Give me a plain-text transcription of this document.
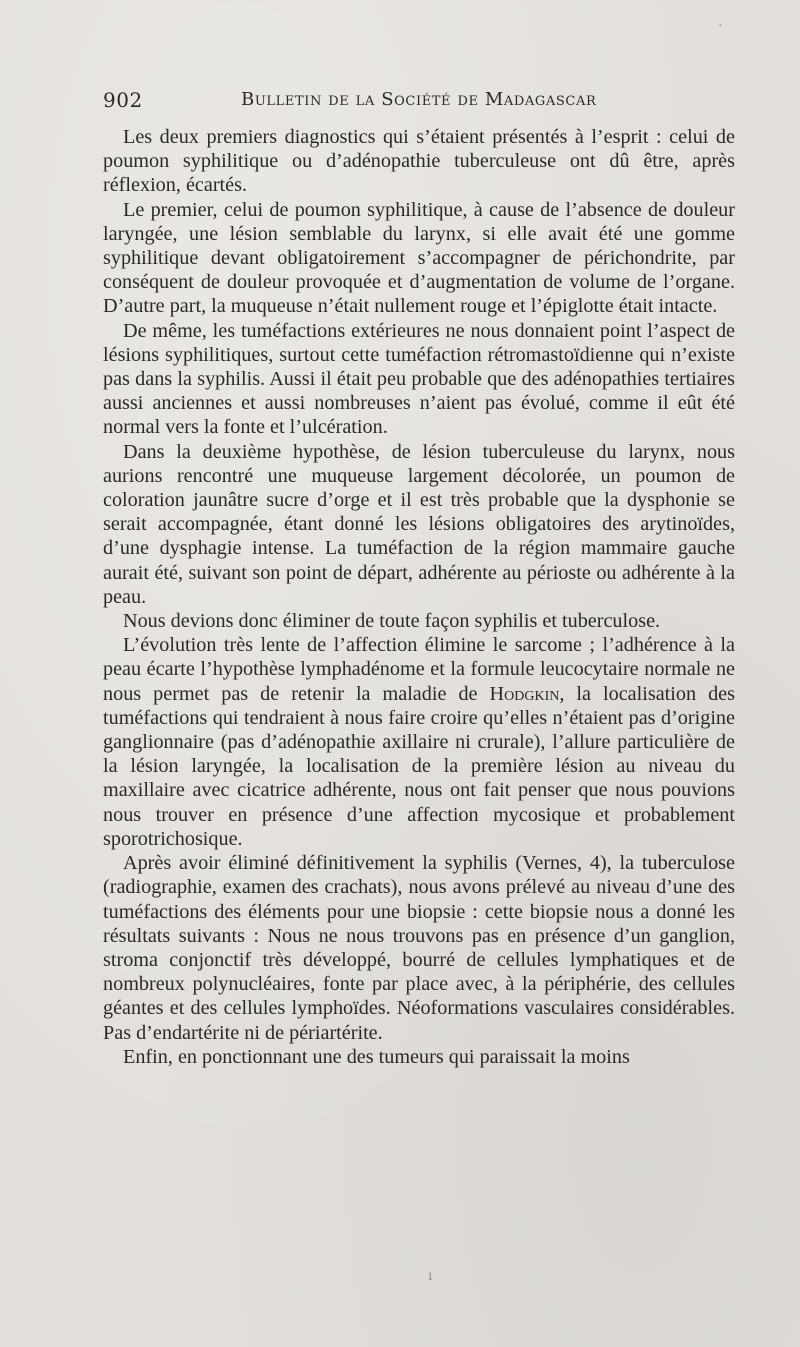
902	Bulletin de la Société de Madagascar

Les deux premiers diagnostics qui s’étaient présentés à l’esprit : celui de poumon syphilitique ou d’adénopathie tuberculeuse ont dû être, après réflexion, écartés.

Le premier, celui de poumon syphilitique, à cause de l’absence de douleur laryngée, une lésion semblable du larynx, si elle avait été une gomme syphilitique devant obligatoirement s’accompagner de périchondrite, par conséquent de douleur provoquée et d’augmentation de volume de l’organe. D’autre part, la muqueuse n’était nullement rouge et l’épiglotte était intacte.

De même, les tuméfactions extérieures ne nous donnaient point l’aspect de lésions syphilitiques, surtout cette tuméfaction rétromastoïdienne qui n’existe pas dans la syphilis. Aussi il était peu probable que des adénopathies tertiaires aussi anciennes et aussi nombreuses n’aient pas évolué, comme il eût été normal vers la fonte et l’ulcération.

Dans la deuxième hypothèse, de lésion tuberculeuse du larynx, nous aurions rencontré une muqueuse largement décolorée, un poumon de coloration jaunâtre sucre d’orge et il est très probable que la dysphonie se serait accompagnée, étant donné les lésions obligatoires des arytinoïdes, d’une dysphagie intense. La tuméfaction de la région mammaire gauche aurait été, suivant son point de départ, adhérente au périoste ou adhérente à la peau.

Nous devions donc éliminer de toute façon syphilis et tuberculose.

L’évolution très lente de l’affection élimine le sarcome ; l’adhérence à la peau écarte l’hypothèse lymphadénome et la formule leucocytaire normale ne nous permet pas de retenir la maladie de Hodgkin, la localisation des tuméfactions qui tendraient à nous faire croire qu’elles n’étaient pas d’origine ganglionnaire (pas d’adénopathie axillaire ni crurale), l’allure particulière de la lésion laryngée, la localisation de la première lésion au niveau du maxillaire avec cicatrice adhérente, nous ont fait penser que nous pouvions nous trouver en présence d’une affection mycosique et probablement sporotrichosique.

Après avoir éliminé définitivement la syphilis (Vernes, 4), la tuberculose (radiographie, examen des crachats), nous avons prélevé au niveau d’une des tuméfactions des éléments pour une biopsie : cette biopsie nous a donné les résultats suivants : Nous ne nous trouvons pas en présence d’un ganglion, stroma conjonctif très développé, bourré de cellules lymphatiques et de nombreux polynucléaires, fonte par place avec, à la périphérie, des cellules géantes et des cellules lymphoïdes. Néoformations vasculaires considérables. Pas d’endartérite ni de périartérite.

Enfin, en ponctionnant une des tumeurs qui paraissait la moins

ı
·
